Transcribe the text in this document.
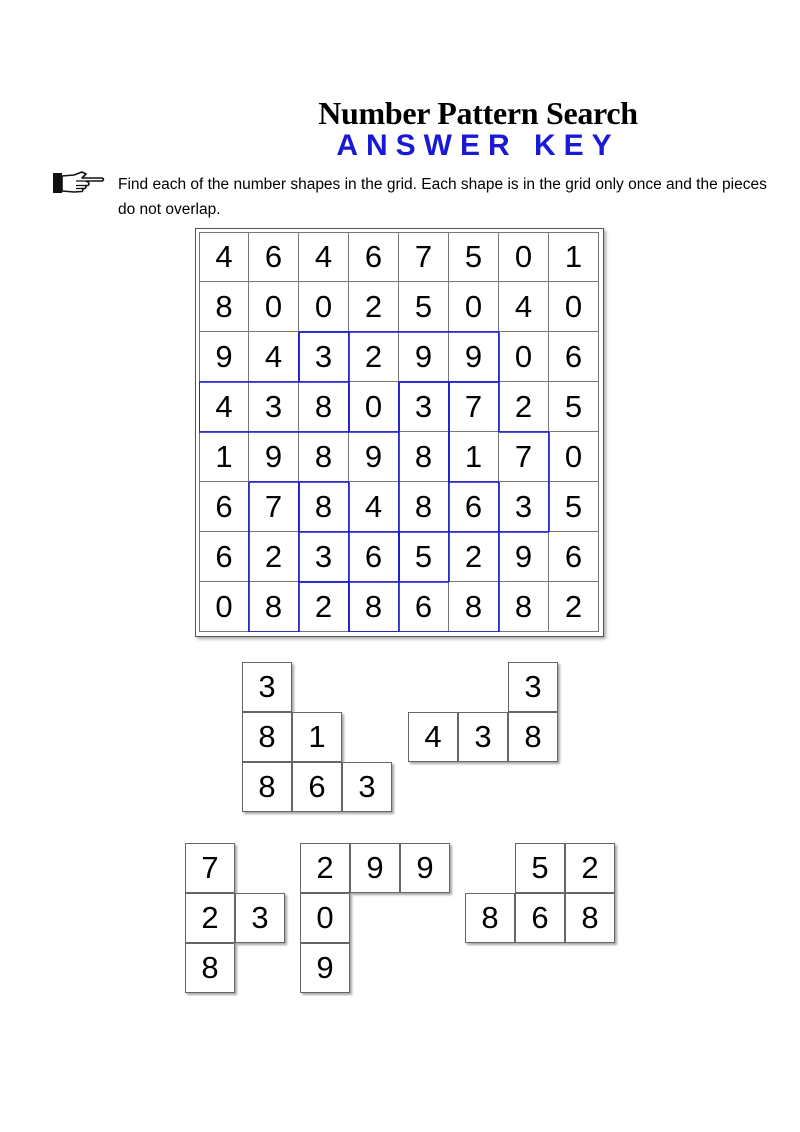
Number Pattern Search
ANSWER KEY
Find each of the number shapes in the grid. Each shape is in the grid only once and the pieces do not overlap.
4	6	4	6	7	5	0	1
8	0	0	2	5	0	4	0
9	4	3	2	9	9	0	6
4	3	8	0	3	7	2	5
1	9	8	9	8	1	7	0
6	7	8	4	8	6	3	5
6	2	3	6	5	2	9	6
0	8	2	8	6	8	8	2
3
8	1
8	6	3
3
4	3	8
7
2	3
8
2	9	9
0
9
5	2
8	6	8
